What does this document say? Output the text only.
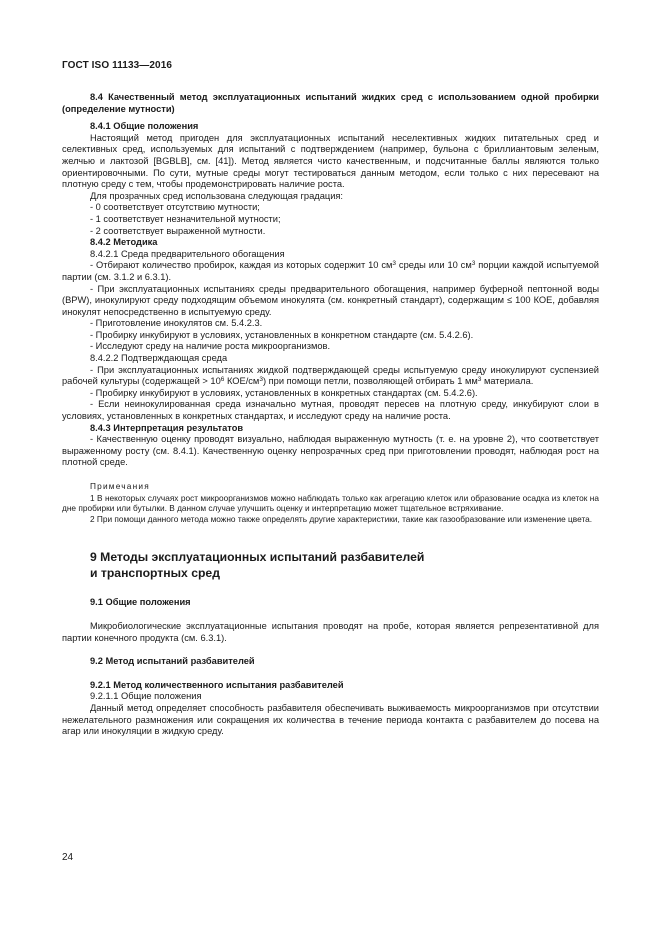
ГОСТ ISO 11133—2016

8.4 Качественный метод эксплуатационных испытаний жидких сред с использованием одной пробирки (определение мутности)

8.4.1 Общие положения

Настоящий метод пригоден для эксплуатационных испытаний неселективных жидких питательных сред и селективных сред, используемых для испытаний с подтверждением (например, бульона с бриллиантовым зеленым, желчью и лактозой [BGBLB], см. [41]). Метод является чисто качественным, и подсчитанные баллы являются только ориентировочными. По сути, мутные среды могут тестироваться данным методом, если только с них пересевают на плотную среду с тем, чтобы продемонстрировать наличие роста.

Для прозрачных сред использована следующая градация:

- 0 соответствует отсутствию мутности;

- 1 соответствует незначительной мутности;

- 2 соответствует выраженной мутности.

8.4.2 Методика

8.4.2.1 Среда предварительного обогащения

- Отбирают количество пробирок, каждая из которых содержит 10 $см^3$ среды или 10 $см^3$ порции каждой испытуемой партии (см. 3.1.2 и 6.3.1).

- При эксплуатационных испытаниях среды предварительного обогащения, например буферной пептонной воды (BPW), инокулируют среду подходящим объемом инокулята (см. конкретный стандарт), содержащим ≤ 100 КОЕ, добавляя инокулят непосредственно в испытуемую среду.

- Приготовление инокулятов см. 5.4.2.3.

- Пробирку инкубируют в условиях, установленных в конкретном стандарте (см. 5.4.2.6).

- Исследуют среду на наличие роста микроорганизмов.

8.4.2.2 Подтверждающая среда

- При эксплуатационных испытаниях жидкой подтверждающей среды испытуемую среду инокулируют суспензией рабочей культуры (содержащей > $10^6$ КОЕ/$см^3$) при помощи петли, позволяющей отбирать 1 $мм^3$ материала.

- Пробирку инкубируют в условиях, установленных в конкретных стандартах (см. 5.4.2.6).

- Если неинокулированная среда изначально мутная, проводят пересев на плотную среду, инкубируют слои в условиях, установленных в конкретных стандартах, и исследуют среду на наличие роста.

8.4.3 Интерпретация результатов

- Качественную оценку проводят визуально, наблюдая выраженную мутность (т. е. на уровне 2), что соответствует выраженному росту (см. 8.4.1). Качественную оценку непрозрачных сред при приготовлении проводят, наблюдая рост на плотной среде.

Примечания

1 В некоторых случаях рост микроорганизмов можно наблюдать только как агрегацию клеток или образование осадка из клеток на дне пробирки или бутылки. В данном случае улучшить оценку и интерпретацию может тщательное встряхивание.

2 При помощи данного метода можно также определять другие характеристики, такие как газообразование или изменение цвета.

9 Методы эксплуатационных испытаний разбавителей
и транспортных сред

9.1 Общие положения

Микробиологические эксплуатационные испытания проводят на пробе, которая является репрезентативной для партии конечного продукта (см. 6.3.1).

9.2 Метод испытаний разбавителей

9.2.1 Метод количественного испытания разбавителей

9.2.1.1 Общие положения

Данный метод определяет способность разбавителя обеспечивать выживаемость микроорганизмов при отсутствии нежелательного размножения или сокращения их количества в течение периода контакта с разбавителем до посева на агар или инокуляции в жидкую среду.

24
